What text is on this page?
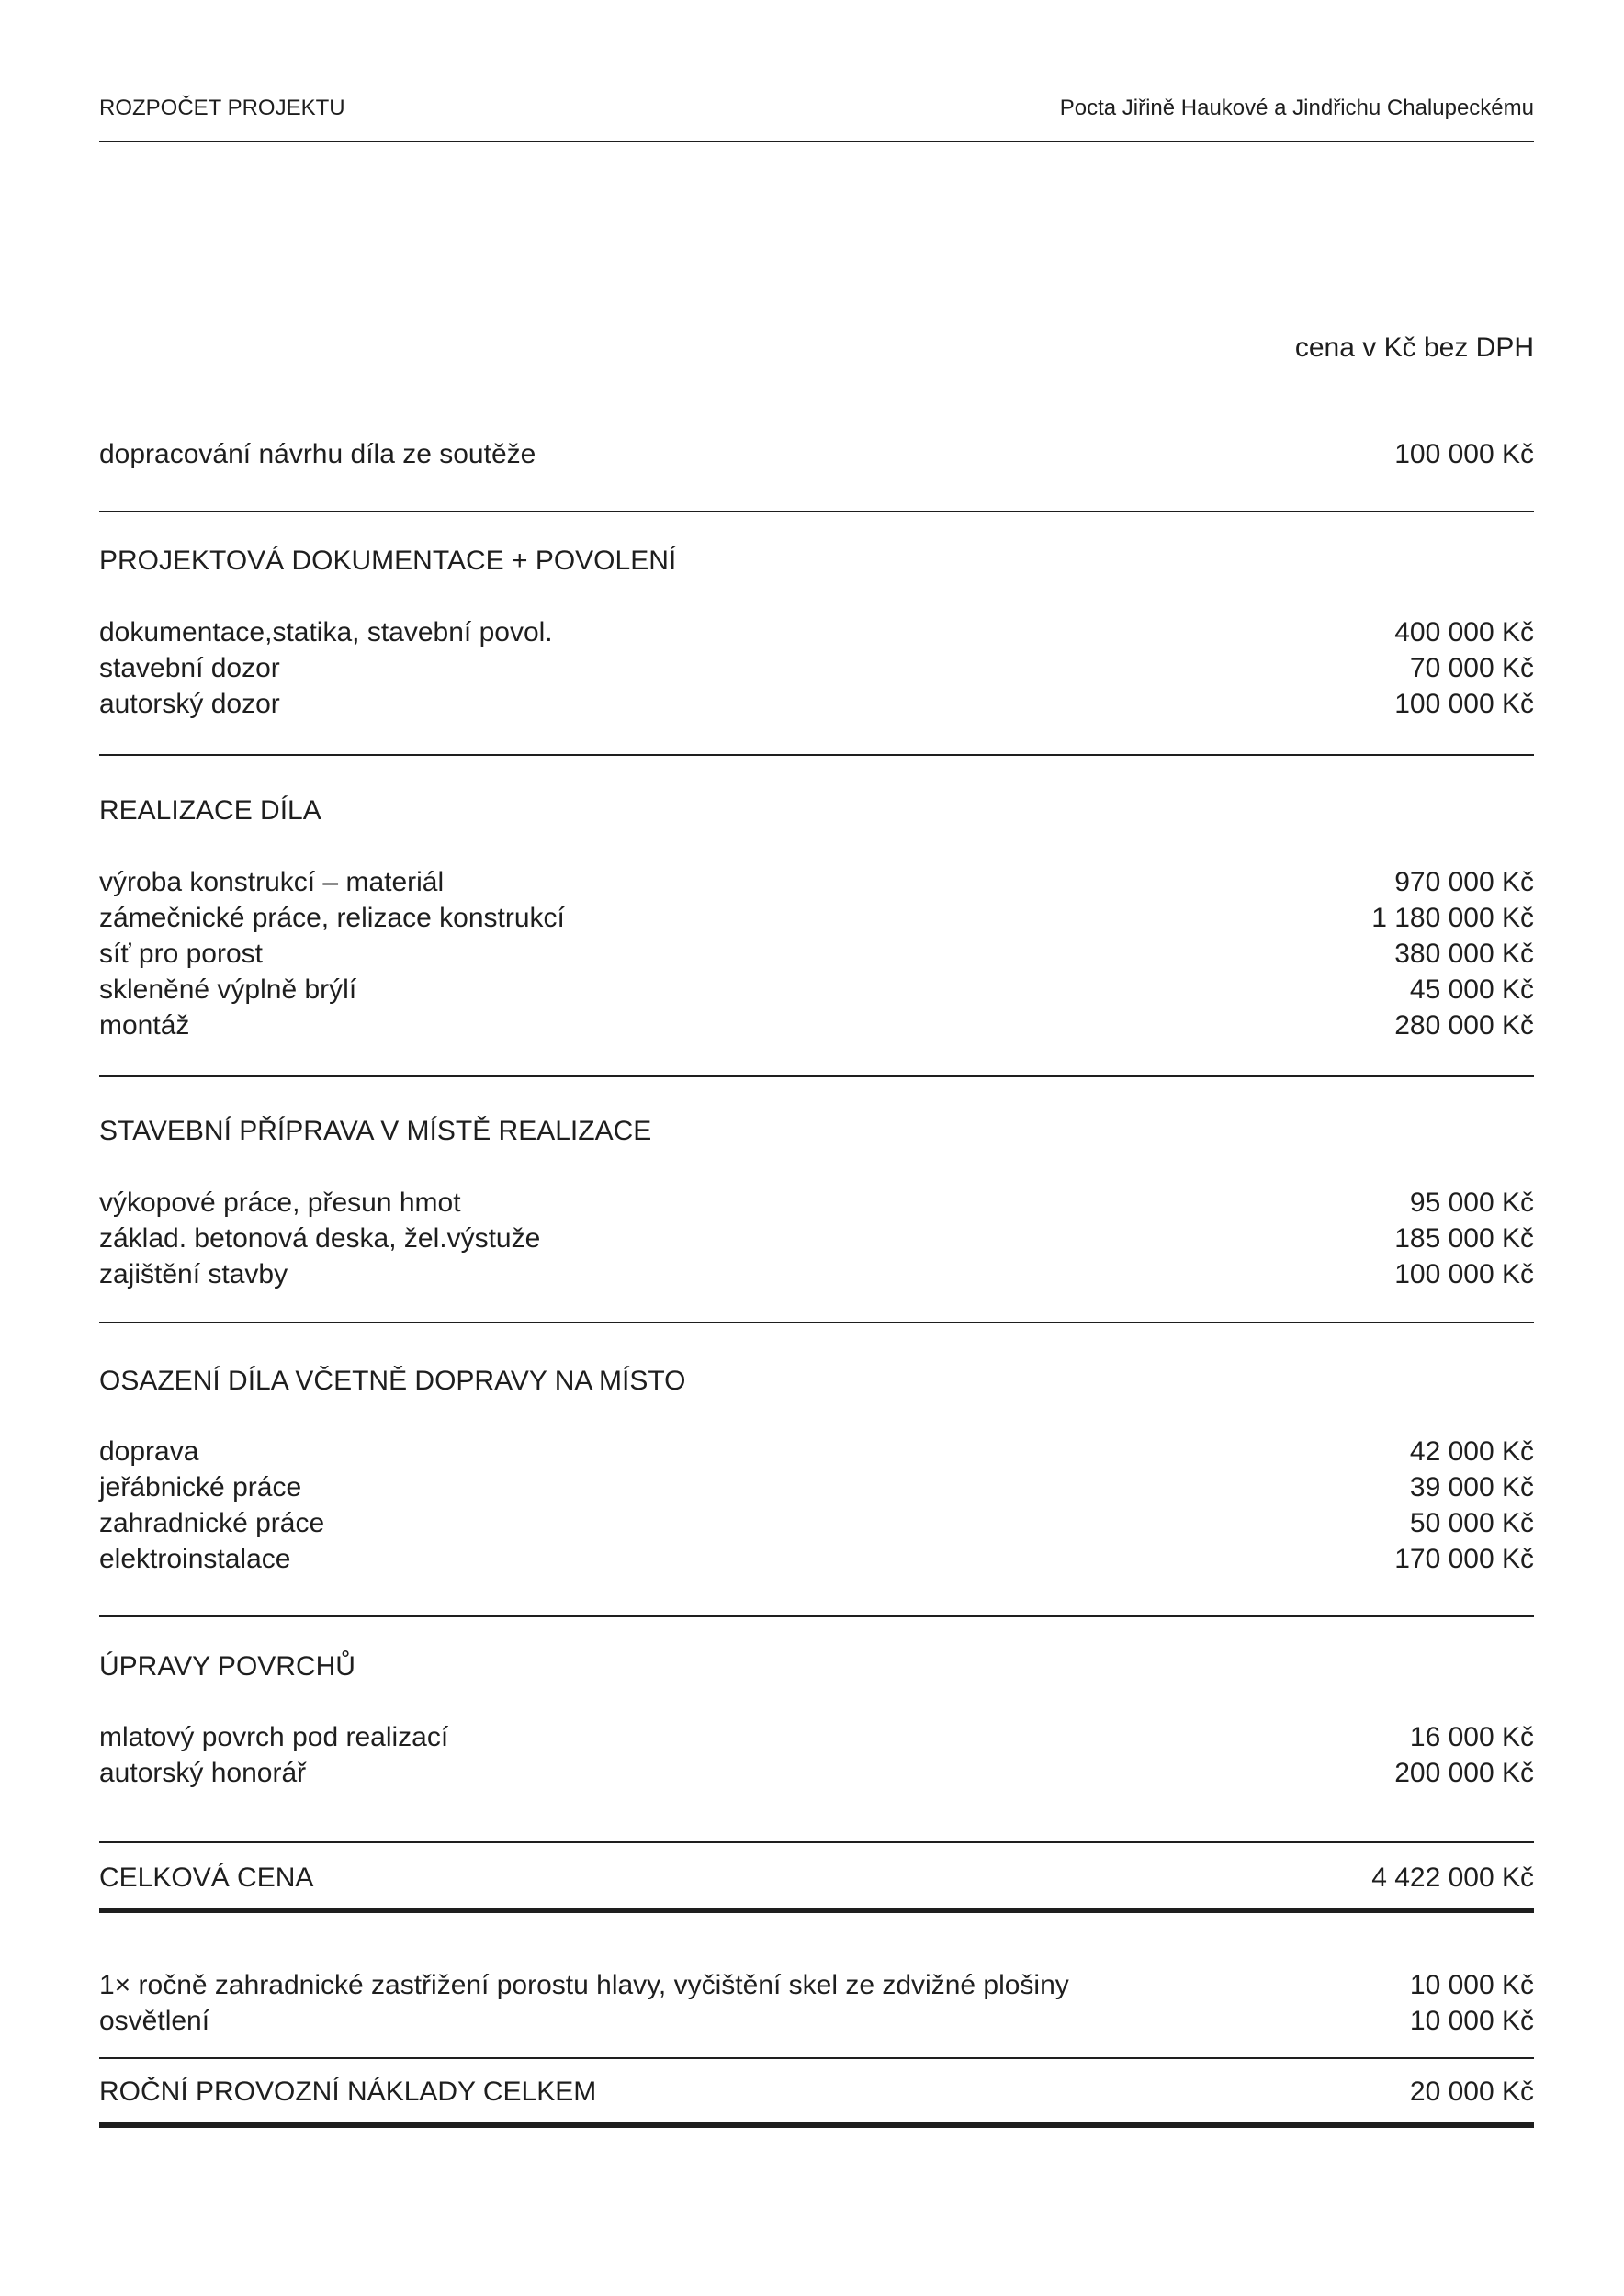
ROZPOČET PROJEKTU	Pocta Jiřině Haukové a Jindřichu Chalupeckému
cena v Kč bez DPH
dopracování návrhu díla ze soutěže	100 000 Kč
PROJEKTOVÁ DOKUMENTACE + POVOLENÍ
dokumentace,statika, stavební povol.	400 000 Kč
stavební dozor	70 000 Kč
autorský dozor	100 000 Kč
REALIZACE DÍLA
výroba konstrukcí – materiál	970 000 Kč
zámečnické práce, relizace konstrukcí	1 180 000 Kč
síť pro porost	380 000 Kč
skleněné výplně brýlí	45 000 Kč
montáž	280 000 Kč
STAVEBNÍ PŘÍPRAVA V MÍSTĚ REALIZACE
výkopové práce, přesun hmot	95 000 Kč
základ. betonová deska, žel.výstuže	185 000 Kč
zajištění stavby	100 000 Kč
OSAZENÍ DÍLA VČETNĚ DOPRAVY NA MÍSTO
doprava	42 000 Kč
jeřábnické práce	39 000 Kč
zahradnické práce	50 000 Kč
elektroinstalace	170 000 Kč
ÚPRAVY POVRCHŮ
mlatový povrch pod realizací	16 000 Kč
autorský honorář	200 000 Kč
CELKOVÁ CENA	4 422 000 Kč
1× ročně zahradnické zastřižení porostu hlavy, vyčištění skel ze zdvižné plošiny	10 000 Kč
osvětlení	10 000 Kč
ROČNÍ PROVOZNÍ NÁKLADY CELKEM	20 000 Kč
